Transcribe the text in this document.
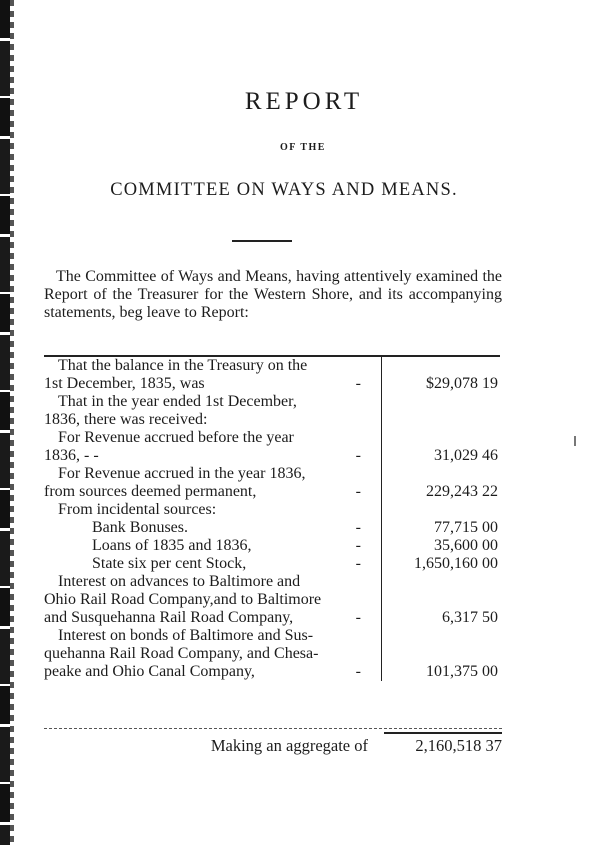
REPORT
OF THE
COMMITTEE ON WAYS AND MEANS.
The Committee of Ways and Means, having attentively examined the Report of the Treasurer for the Western Shore, and its accompanying statements, beg leave to Report:
That the balance in the Treasury on the
1st December, 1835, was	-	$29,078 19
That in the year ended 1st December,
1836, there was received:
For Revenue accrued before the year
1836, - -	-	31,029 46
For Revenue accrued in the year 1836,
from sources deemed permanent,	-	229,243 22
From incidental sources:
Bank Bonuses.	-	77,715 00
Loans of 1835 and 1836,	-	35,600 00
State six per cent Stock,	-	1,650,160 00
Interest on advances to Baltimore and
Ohio Rail Road Company,and to Baltimore
and Susquehanna Rail Road Company,	-	6,317 50
Interest on bonds of Baltimore and Sus-
quehanna Rail Road Company, and Chesa-
peake and Ohio Canal Company,	-	101,375 00
Making an aggregate of	2,160,518 37
